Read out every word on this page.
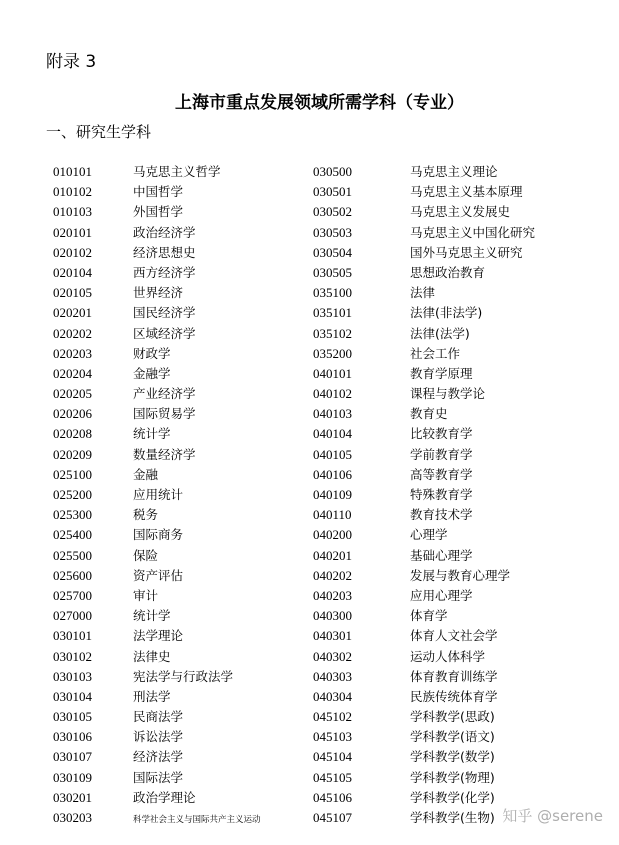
附录 3
上海市重点发展领域所需学科（专业）
一、研究生学科
010101	马克思主义哲学
010102	中国哲学
010103	外国哲学
020101	政治经济学
020102	经济思想史
020104	西方经济学
020105	世界经济
020201	国民经济学
020202	区域经济学
020203	财政学
020204	金融学
020205	产业经济学
020206	国际贸易学
020208	统计学
020209	数量经济学
025100	金融
025200	应用统计
025300	税务
025400	国际商务
025500	保险
025600	资产评估
025700	审计
027000	统计学
030101	法学理论
030102	法律史
030103	宪法学与行政法学
030104	刑法学
030105	民商法学
030106	诉讼法学
030107	经济法学
030109	国际法学
030201	政治学理论
030203	科学社会主义与国际共产主义运动
030500	马克思主义理论
030501	马克思主义基本原理
030502	马克思主义发展史
030503	马克思主义中国化研究
030504	国外马克思主义研究
030505	思想政治教育
035100	法律
035101	法律(非法学)
035102	法律(法学)
035200	社会工作
040101	教育学原理
040102	课程与教学论
040103	教育史
040104	比较教育学
040105	学前教育学
040106	高等教育学
040109	特殊教育学
040110	教育技术学
040200	心理学
040201	基础心理学
040202	发展与教育心理学
040203	应用心理学
040300	体育学
040301	体育人文社会学
040302	运动人体科学
040303	体育教育训练学
040304	民族传统体育学
045102	学科教学(思政)
045103	学科教学(语文)
045104	学科教学(数学)
045105	学科教学(物理)
045106	学科教学(化学)
045107	学科教学(生物) 知乎 @serene
